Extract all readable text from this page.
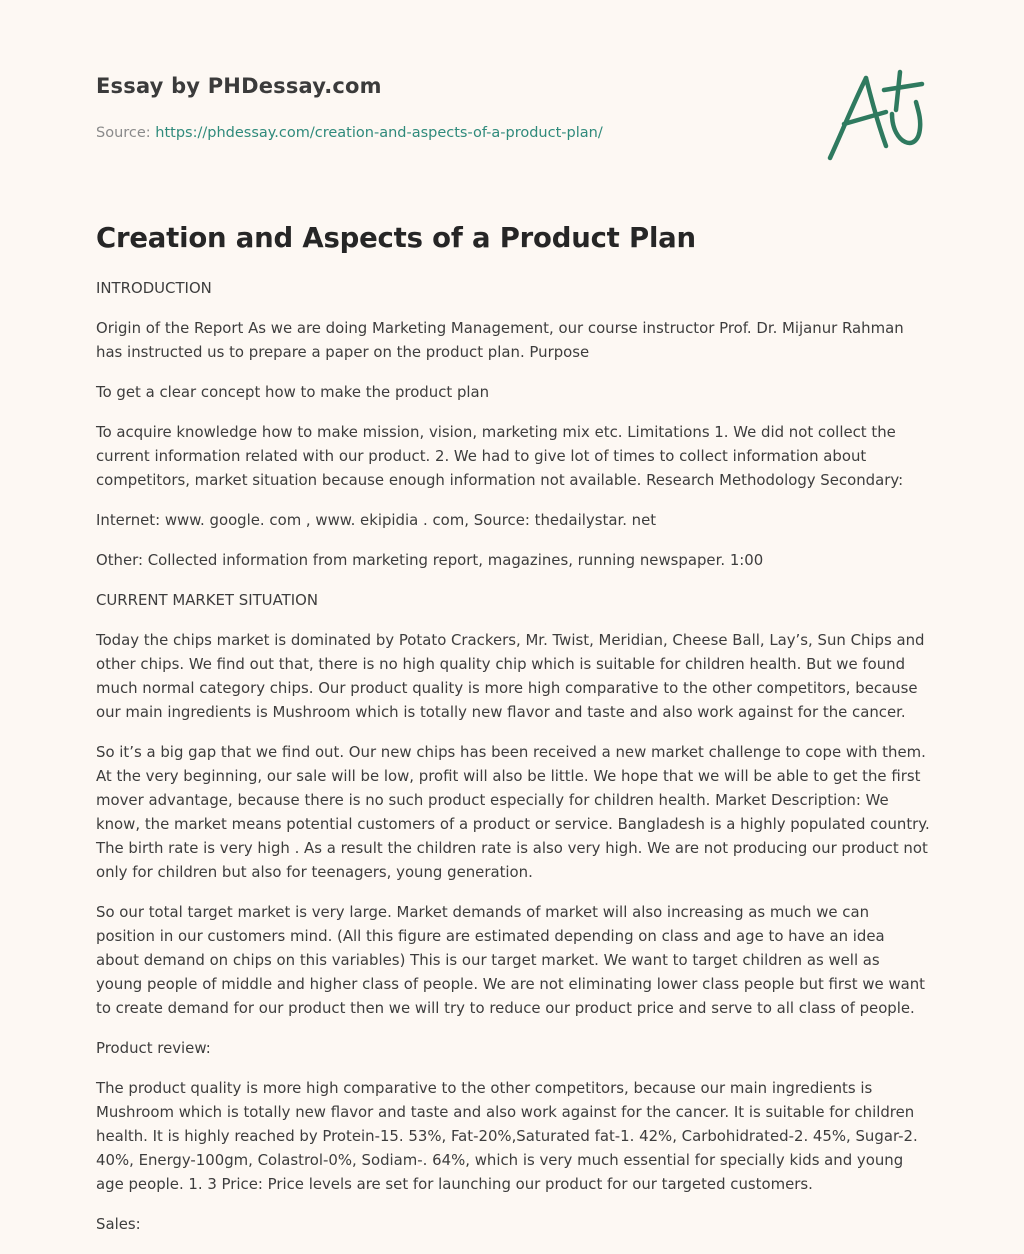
Essay by PHDessay.com

Source: https://phdessay.com/creation-and-aspects-of-a-product-plan/
Creation and Aspects of a Product Plan

INTRODUCTION

Origin of the Report As we are doing Marketing Management, our course instructor Prof. Dr. Mijanur Rahman has instructed us to prepare a paper on the product plan. Purpose

To get a clear concept how to make the product plan

To acquire knowledge how to make mission, vision, marketing mix etc. Limitations 1. We did not collect the current information related with our product. 2. We had to give lot of times to collect information about competitors, market situation because enough information not available. Research Methodology Secondary:

Internet: www. google. com , www. ekipidia . com, Source: thedailystar. net

Other: Collected information from marketing report, magazines, running newspaper. 1:00

CURRENT MARKET SITUATION

Today the chips market is dominated by Potato Crackers, Mr. Twist, Meridian, Cheese Ball, Lay’s, Sun Chips and other chips. We find out that, there is no high quality chip which is suitable for children health. But we found much normal category chips. Our product quality is more high comparative to the other competitors, because our main ingredients is Mushroom which is totally new flavor and taste and also work against for the cancer.

So it’s a big gap that we find out. Our new chips has been received a new market challenge to cope with them. At the very beginning, our sale will be low, profit will also be little. We hope that we will be able to get the first mover advantage, because there is no such product especially for children health. Market Description: We know, the market means potential customers of a product or service. Bangladesh is a highly populated country. The birth rate is very high . As a result the children rate is also very high. We are not producing our product not only for children but also for teenagers, young generation.

So our total target market is very large. Market demands of market will also increasing as much we can position in our customers mind. (All this figure are estimated depending on class and age to have an idea about demand on chips on this variables) This is our target market. We want to target children as well as young people of middle and higher class of people. We are not eliminating lower class people but first we want to create demand for our product then we will try to reduce our product price and serve to all class of people.

Product review:

The product quality is more high comparative to the other competitors, because our main ingredients is Mushroom which is totally new flavor and taste and also work against for the cancer. It is suitable for children health. It is highly reached by Protein-15. 53%, Fat-20%,Saturated fat-1. 42%, Carbohidrated-2. 45%, Sugar-2. 40%, Energy-100gm, Colastrol-0%, Sodiam-. 64%, which is very much essential for specially kids and young age people. 1. 3 Price: Price levels are set for launching our product for our targeted customers.

Sales:
